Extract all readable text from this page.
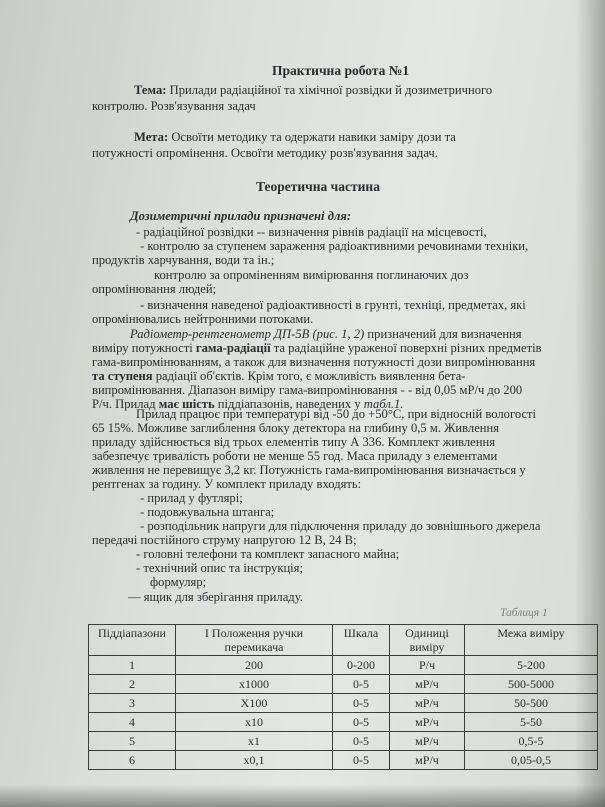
Практична робота №1
Тема: Прилади радіаційної та хімічної розвідки й дозиметричного
контролю. Розв'язування задач
Мета: Освоїти методику та одержати навики заміру дози та
потужності опромінення. Освоїти методику розв'язування задач.
Теоретична частина
Дозиметричні прилади призначені для:
- радіаційної розвідки -- визначення рівнів радіації на місцевості,
- контролю за ступенем зараження радіоактивними речовинами техніки,
продуктів харчування, води та ін.;
контролю за опроміненням вимірювання поглинаючих доз
опромінювання людей;
- визначення наведеної радіоактивності в грунті, техніці, предметах, які
опромінювались нейтронними потоками.
Радіометр-рентгенометр ДП-5В (рис. 1, 2) призначений для визначення
виміру потужності гама-радіації та радіаційне ураженої поверхні різних предметів
гама-випромінюванням, а також для визначення потужності дози випромінювання
та ступеня радіації об'єктів. Крім того, є можливість виявлення бета-
випромінювання. Діапазон виміру гама-випромінювання - - від 0,05 мР/ч до 200
Р/ч. Прилад має шість піддіапазонів, наведених у табл.1.
Прилад працює при температурі від -50 до +50°С, при відносній вологості
65 15%. Можливе заглиблення блоку детектора на глибину 0,5 м. Живлення
приладу здійснюється від трьох елементів типу А 336. Комплект живлення
забезпечує тривалість роботи не менше 55 год. Маса приладу з елементами
живлення не перевищує 3,2 кг. Потужність гама-випромінювання визначається у
рентгенах за годину. У комплект приладу входять:
- прилад у футлярі;
- подовжувальна штанга;
- розподільник напруги для підключення приладу до зовнішнього джерела
передачі постійного струму напругою 12 В, 24 В;
- головні телефони та комплект запасного майна;
- технічний опис та інструкція;
формуляр;
— ящик для зберігання приладу.
Таблиця 1
Піддіапазони	І Положення ручки перемикача	Шкала	Одиниці виміру	Межа виміру
1	200	0-200	Р/ч	5-200
2	х1000	0-5	мР/ч	500-5000
3	Х100	0-5	мР/ч	50-500
4	х10	0-5	мР/ч	5-50
5	х1	0-5	мР/ч	0,5-5
6	х0,1	0-5	мР/ч	0,05-0,5
